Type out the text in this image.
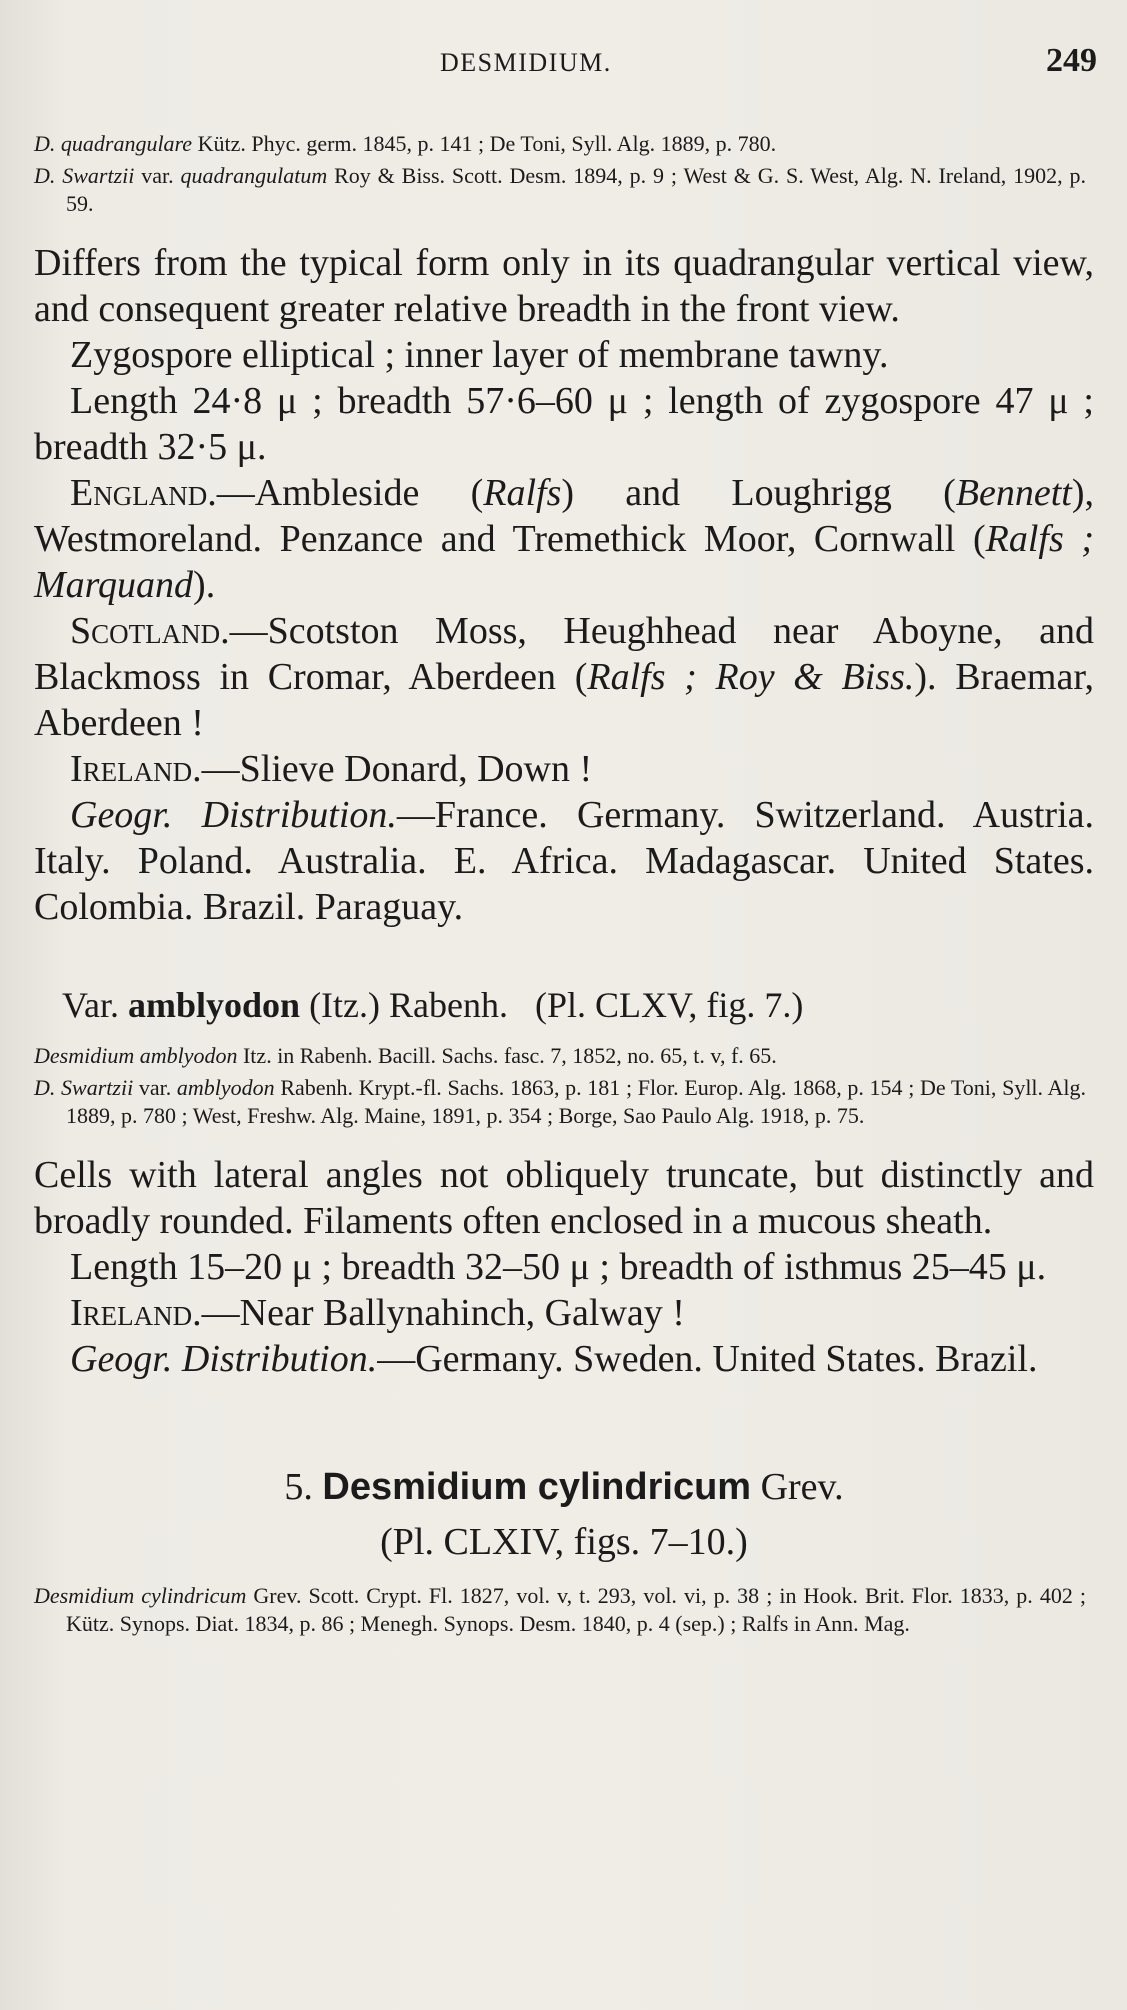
DESMIDIUM.	249

D. quadrangulare Kütz. Phyc. germ. 1845, p. 141 ; De Toni, Syll. Alg. 1889, p. 780.

D. Swartzii var. quadrangulatum Roy & Biss. Scott. Desm. 1894, p. 9 ; West & G. S. West, Alg. N. Ireland, 1902, p. 59.

Differs from the typical form only in its quadrangular vertical view, and consequent greater relative breadth in the front view.

Zygospore elliptical ; inner layer of membrane tawny.

Length 24·8 μ ; breadth 57·6–60 μ ; length of zygospore 47 μ ; breadth 32·5 μ.

England.—Ambleside (Ralfs) and Loughrigg (Bennett), Westmoreland. Penzance and Tremethick Moor, Cornwall (Ralfs ; Marquand).

Scotland.—Scotston Moss, Heughhead near Aboyne, and Blackmoss in Cromar, Aberdeen (Ralfs ; Roy & Biss.). Braemar, Aberdeen !

Ireland.—Slieve Donard, Down !

Geogr. Distribution.—France. Germany. Switzerland. Austria. Italy. Poland. Australia. E. Africa. Madagascar. United States. Colombia. Brazil. Paraguay.

Var. amblyodon (Itz.) Rabenh.   (Pl. CLXV, fig. 7.)

Desmidium amblyodon Itz. in Rabenh. Bacill. Sachs. fasc. 7, 1852, no. 65, t. v, f. 65.

D. Swartzii var. amblyodon Rabenh. Krypt.-fl. Sachs. 1863, p. 181 ; Flor. Europ. Alg. 1868, p. 154 ; De Toni, Syll. Alg. 1889, p. 780 ; West, Freshw. Alg. Maine, 1891, p. 354 ; Borge, Sao Paulo Alg. 1918, p. 75.

Cells with lateral angles not obliquely truncate, but distinctly and broadly rounded. Filaments often enclosed in a mucous sheath.

Length 15–20 μ ; breadth 32–50 μ ; breadth of isthmus 25–45 μ.

Ireland.—Near Ballynahinch, Galway !

Geogr. Distribution.—Germany. Sweden. United States. Brazil.

5. Desmidium cylindricum Grev.

(Pl. CLXIV, figs. 7–10.)

Desmidium cylindricum Grev. Scott. Crypt. Fl. 1827, vol. v, t. 293, vol. vi, p. 38 ; in Hook. Brit. Flor. 1833, p. 402 ; Kütz. Synops. Diat. 1834, p. 86 ; Menegh. Synops. Desm. 1840, p. 4 (sep.) ; Ralfs in Ann. Mag.
